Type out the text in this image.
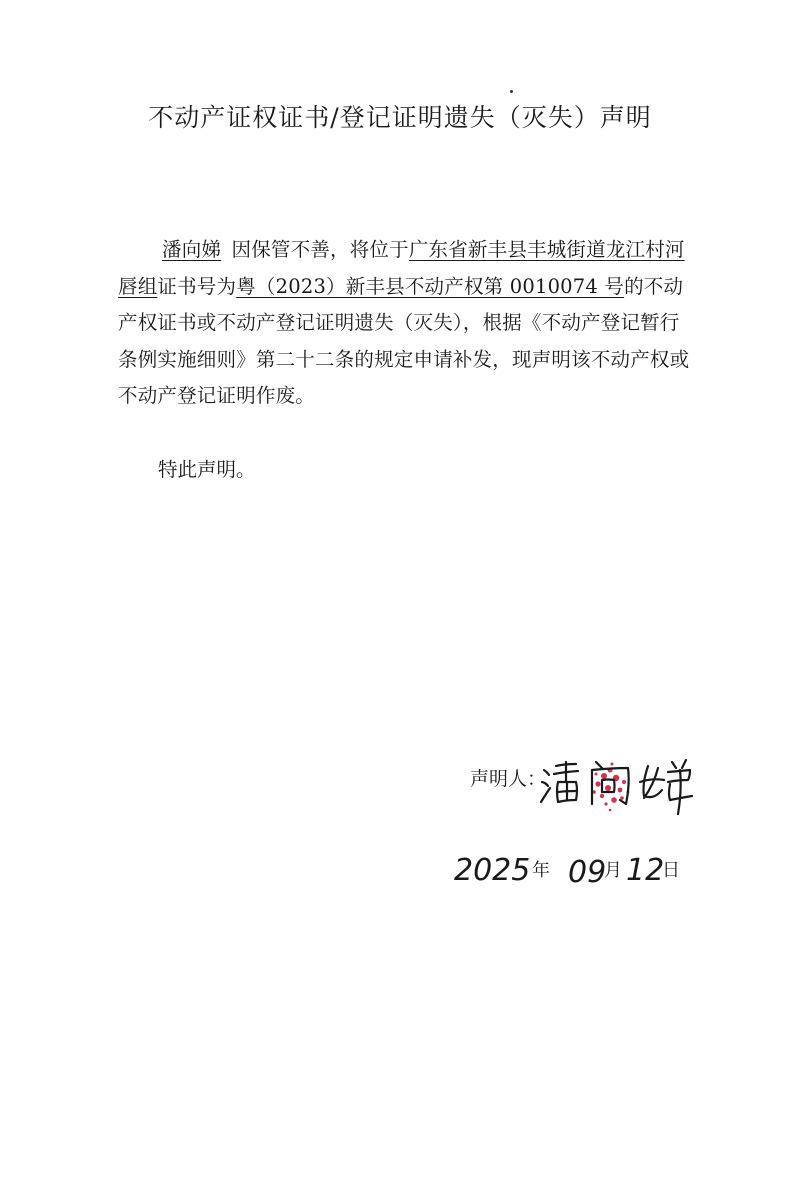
不动产证权证书/登记证明遗失（灭失）声明
潘向娣 因保管不善，将位于广东省新丰县丰城街道龙江村河唇组证书号为粤（2023）新丰县不动产权第 0010074 号的不动产权证书或不动产登记证明遗失（灭失），根据《不动产登记暂行条例实施细则》第二十二条的规定申请补发，现声明该不动产权或不动产登记证明作废。
特此声明。
声明人：
潘向娣
2025 年 09
月 12
日
